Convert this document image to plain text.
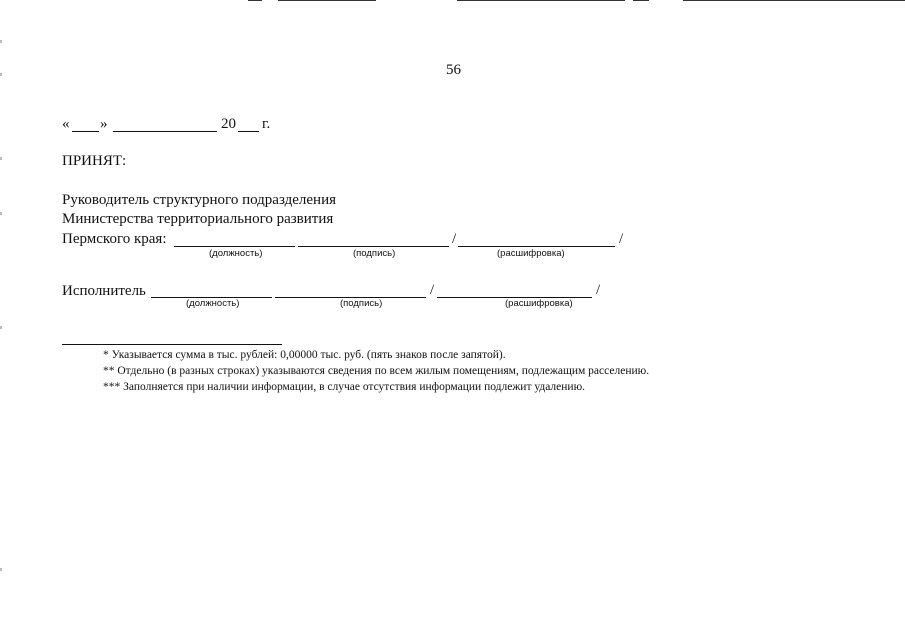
56
« »	20 г.
ПРИНЯТ:
Руководитель структурного подразделения
Министерства территориального развития
Пермского края:	/	/
(должность)	(подпись)	(расшифровка)
Исполнитель	/	/
(должность)	(подпись)	(расшифровка)
* Указывается сумма в тыс. рублей: 0,00000 тыс. руб. (пять знаков после запятой).
** Отдельно (в разных строках) указываются сведения по всем жилым помещениям, подлежащим расселению.
*** Заполняется при наличии информации, в случае отсутствия информации подлежит удалению.
